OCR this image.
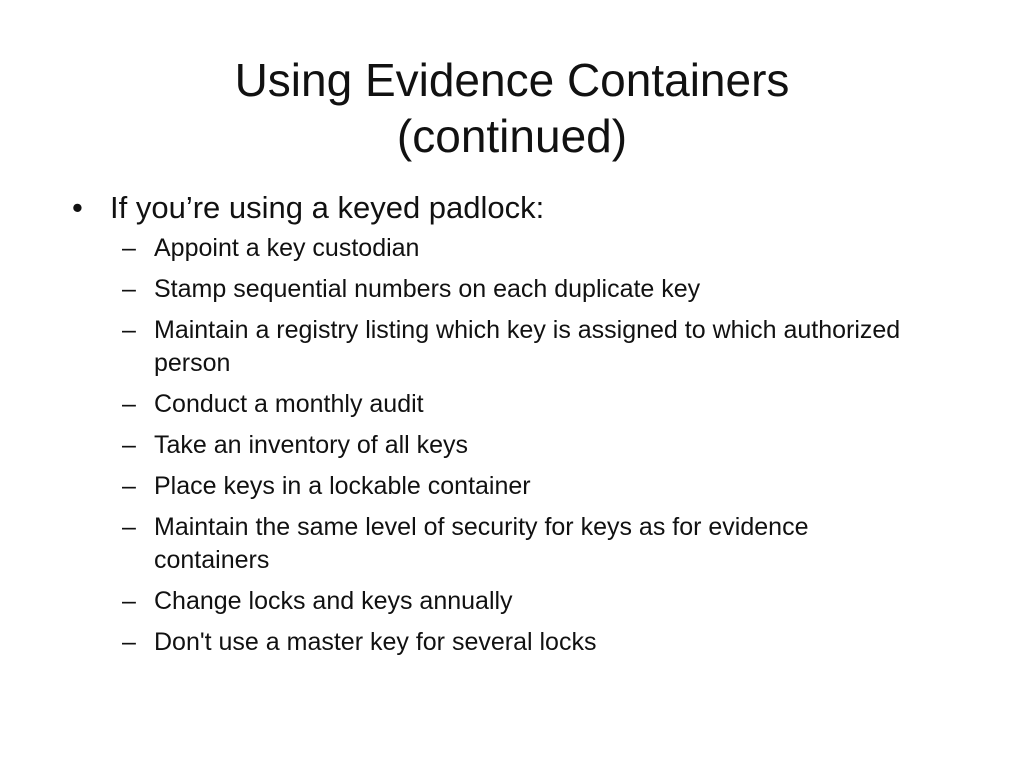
Using Evidence Containers
(continued)
• If you’re using a keyed padlock:
– Appoint a key custodian
– Stamp sequential numbers on each duplicate key
– Maintain a registry listing which key is assigned to which authorized person
– Conduct a monthly audit
– Take an inventory of all keys
– Place keys in a lockable container
– Maintain the same level of security for keys as for evidence containers
– Change locks and keys annually
– Don't use a master key for several locks
